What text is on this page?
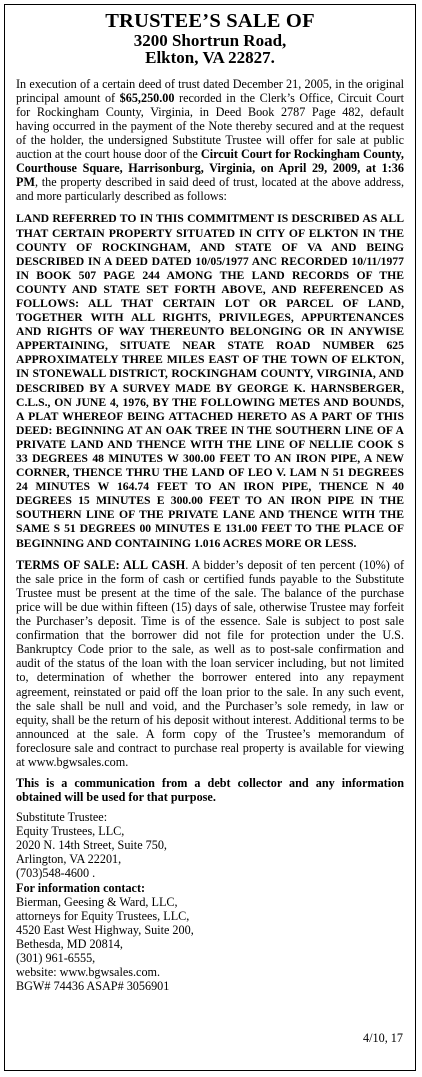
TRUSTEE’S SALE OF
3200 Shortrun Road,
Elkton, VA 22827.

In execution of a certain deed of trust dated December 21, 2005, in the original principal amount of $65,250.00 recorded in the Clerk’s Office, Circuit Court for Rockingham County, Virginia, in Deed Book 2787 Page 482, default having occurred in the payment of the Note thereby secured and at the request of the holder, the undersigned Substitute Trustee will offer for sale at public auction at the court house door of the Circuit Court for Rockingham County, Courthouse Square, Harrisonburg, Virginia, on April 29, 2009, at 1:36 PM, the property described in said deed of trust, located at the above address, and more particularly described as follows:

LAND REFERRED TO IN THIS COMMITMENT IS DESCRIBED AS ALL THAT CERTAIN PROPERTY SITUATED IN CITY OF ELKTON IN THE COUNTY OF ROCKINGHAM, AND STATE OF VA AND BEING DESCRIBED IN A DEED DATED 10/05/1977 ANC RECORDED 10/11/1977 IN BOOK 507 PAGE 244 AMONG THE LAND RECORDS OF THE COUNTY AND STATE SET FORTH ABOVE, AND REFERENCED AS FOLLOWS: ALL THAT CERTAIN LOT OR PARCEL OF LAND, TOGETHER WITH ALL RIGHTS, PRIVILEGES, APPURTENANCES AND RIGHTS OF WAY THEREUNTO BELONGING OR IN ANYWISE APPERTAINING, SITUATE NEAR STATE ROAD NUMBER 625 APPROXIMATELY THREE MILES EAST OF THE TOWN OF ELKTON, IN STONEWALL DISTRICT, ROCKINGHAM COUNTY, VIRGINIA, AND DESCRIBED BY A SURVEY MADE BY GEORGE K. HARNSBERGER, C.L.S., ON JUNE 4, 1976, BY THE FOLLOWING METES AND BOUNDS, A PLAT WHEREOF BEING ATTACHED HERETO AS A PART OF THIS DEED: BEGINNING AT AN OAK TREE IN THE SOUTHERN LINE OF A PRIVATE LAND AND THENCE WITH THE LINE OF NELLIE COOK S 33 DEGREES 48 MINUTES W 300.00 FEET TO AN IRON PIPE, A NEW CORNER, THENCE THRU THE LAND OF LEO V. LAM N 51 DEGREES 24 MINUTES W 164.74 FEET TO AN IRON PIPE, THENCE N 40 DEGREES 15 MINUTES E 300.00 FEET TO AN IRON PIPE IN THE SOUTHERN LINE OF THE PRIVATE LANE AND THENCE WITH THE SAME S 51 DEGREES 00 MINUTES E 131.00 FEET TO THE PLACE OF BEGINNING AND CONTAINING 1.016 ACRES MORE OR LESS.

TERMS OF SALE: ALL CASH. A bidder’s deposit of ten percent (10%) of the sale price in the form of cash or certified funds payable to the Substitute Trustee must be present at the time of the sale. The balance of the purchase price will be due within fifteen (15) days of sale, otherwise Trustee may forfeit the Purchaser’s deposit. Time is of the essence. Sale is subject to post sale confirmation that the borrower did not file for protection under the U.S. Bankruptcy Code prior to the sale, as well as to post-sale confirmation and audit of the status of the loan with the loan servicer including, but not limited to, determination of whether the borrower entered into any repayment agreement, reinstated or paid off the loan prior to the sale. In any such event, the sale shall be null and void, and the Purchaser’s sole remedy, in law or equity, shall be the return of his deposit without interest. Additional terms to be announced at the sale. A form copy of the Trustee’s memorandum of foreclosure sale and contract to purchase real property is available for viewing at www.bgwsales.com.

This is a communication from a debt collector and any information obtained will be used for that purpose.

Substitute Trustee:
Equity Trustees, LLC,
2020 N. 14th Street, Suite 750,
Arlington, VA 22201,
(703)548-4600 .
For information contact:
Bierman, Geesing & Ward, LLC,
attorneys for Equity Trustees, LLC,
4520 East West Highway, Suite 200,
Bethesda, MD 20814,
(301) 961-6555,
website: www.bgwsales.com.
BGW# 74436 ASAP# 3056901
4/10, 17
